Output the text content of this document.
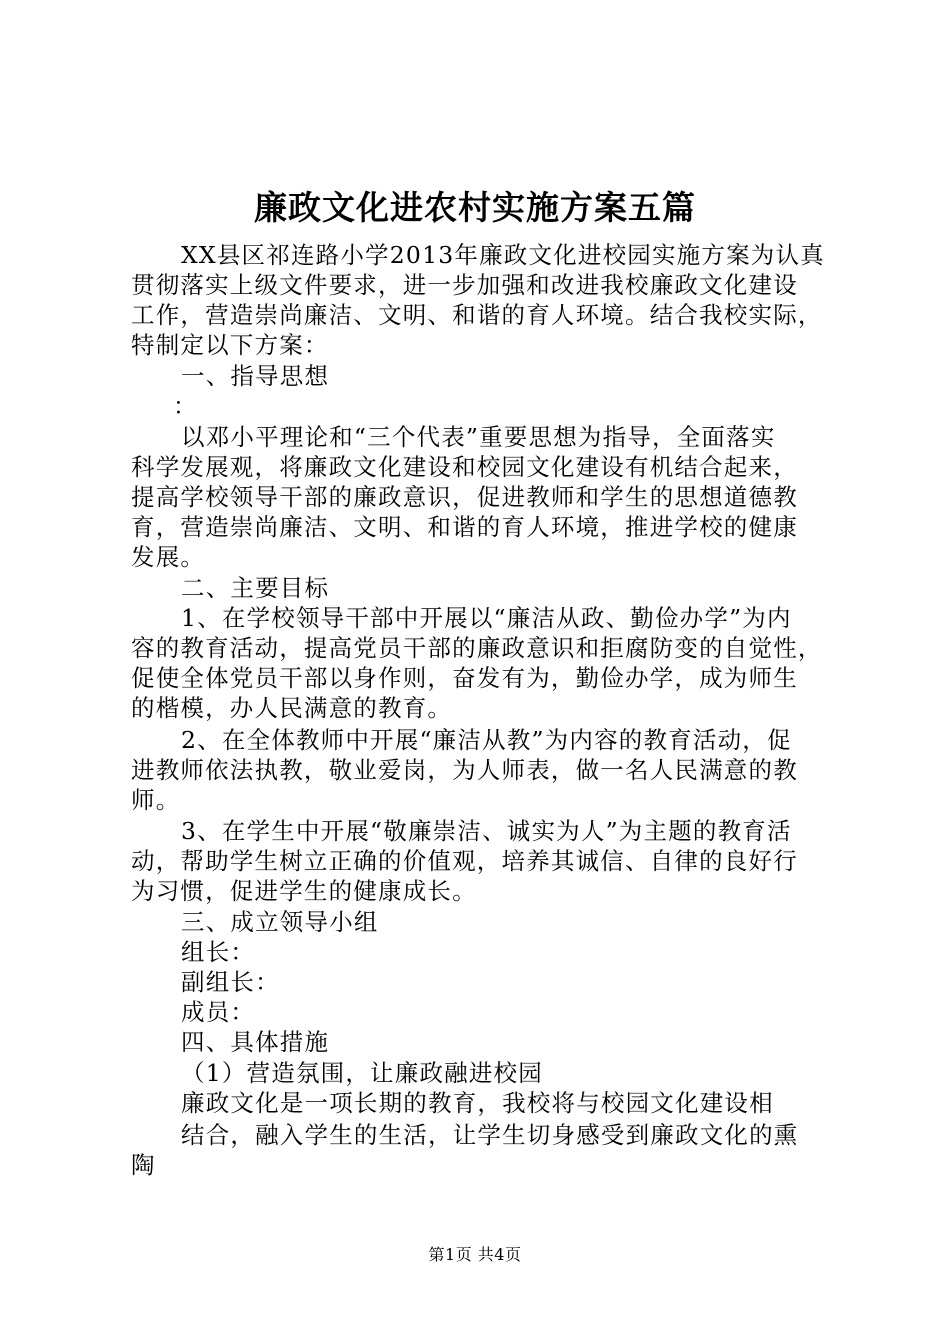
廉政文化进农村实施方案五篇
XX县区祁连路小学2013年廉政文化进校园实施方案为认真
贯彻落实上级文件要求，进一步加强和改进我校廉政文化建设
工作，营造崇尚廉洁、文明、和谐的育人环境。结合我校实际，
特制定以下方案：
一、指导思想
：
以邓小平理论和“三个代表”重要思想为指导，全面落实
科学发展观，将廉政文化建设和校园文化建设有机结合起来，
提高学校领导干部的廉政意识，促进教师和学生的思想道德教
育，营造崇尚廉洁、文明、和谐的育人环境，推进学校的健康
发展。
二、主要目标
1、在学校领导干部中开展以“廉洁从政、勤俭办学”为内
容的教育活动，提高党员干部的廉政意识和拒腐防变的自觉性，
促使全体党员干部以身作则，奋发有为，勤俭办学，成为师生
的楷模，办人民满意的教育。
2、在全体教师中开展“廉洁从教”为内容的教育活动，促
进教师依法执教，敬业爱岗，为人师表，做一名人民满意的教
师。
3、在学生中开展“敬廉崇洁、诚实为人”为主题的教育活
动，帮助学生树立正确的价值观，培养其诚信、自律的良好行
为习惯，促进学生的健康成长。
三、成立领导小组
组长：
副组长：
成员：
四、具体措施
（1）营造氛围，让廉政融进校园
廉政文化是一项长期的教育，我校将与校园文化建设相
结合，融入学生的生活，让学生切身感受到廉政文化的熏
陶
第1页 共4页
